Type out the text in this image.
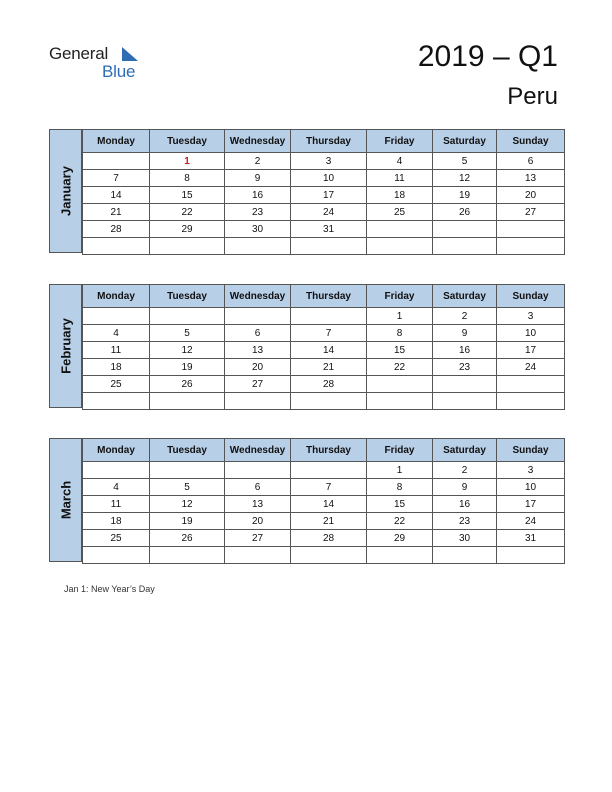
General
Blue	2019 – Q1
Peru
January
Monday	Tuesday	Wednesday	Thursday	Friday	Saturday	Sunday
	1	2	3	4	5	6
7	8	9	10	11	12	13
14	15	16	17	18	19	20
21	22	23	24	25	26	27
28	29	30	31			

February
Monday	Tuesday	Wednesday	Thursday	Friday	Saturday	Sunday
				1	2	3
4	5	6	7	8	9	10
11	12	13	14	15	16	17
18	19	20	21	22	23	24
25	26	27	28			

March
Monday	Tuesday	Wednesday	Thursday	Friday	Saturday	Sunday
				1	2	3
4	5	6	7	8	9	10
11	12	13	14	15	16	17
18	19	20	21	22	23	24
25	26	27	28	29	30	31

Jan 1: New Year’s Day
